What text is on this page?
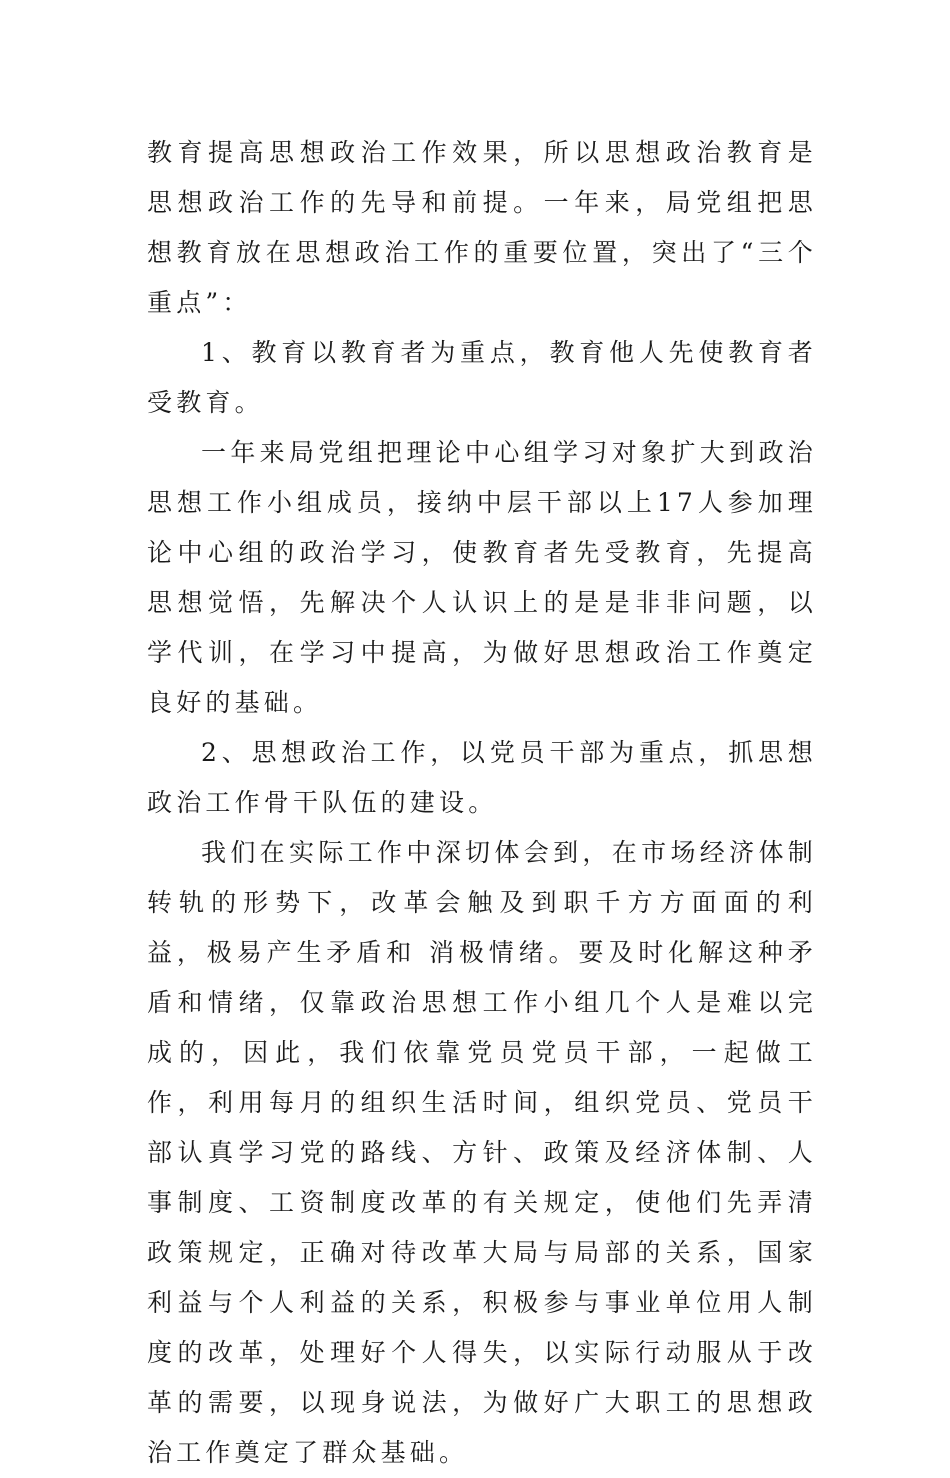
教育提高思想政治工作效果，所以思想政治教育是思想政治工作的先导和前提。一年来，局党组把思想教育放在思想政治工作的重要位置，突出了“三个重点”：

1、教育以教育者为重点，教育他人先使教育者受教育。

一年来局党组把理论中心组学习对象扩大到政治思想工作小组成员，接纳中层干部以上17人参加理论中心组的政治学习，使教育者先受教育，先提高思想觉悟，先解决个人认识上的是是非非问题，以学代训，在学习中提高，为做好思想政治工作奠定良好的基础。

2、思想政治工作，以党员干部为重点，抓思想政治工作骨干队伍的建设。

我们在实际工作中深切体会到，在市场经济体制转轨的形势下，改革会触及到职千方方面面的利益，极易产生矛盾和 消极情绪。要及时化解这种矛盾和情绪，仅靠政治思想工作小组几个人是难以完成的，因此，我们依靠党员党员干部，一起做工作，利用每月的组织生活时间，组织党员、党员干部认真学习党的路线、方针、政策及经济体制、人事制度、工资制度改革的有关规定，使他们先弄清政策规定，正确对待改革大局与局部的关系，国家利益与个人利益的关系，积极参与事业单位用人制度的改革，处理好个人得失，以实际行动服从于改革的需要，以现身说法，为做好广大职工的思想政治工作奠定了群众基础。
